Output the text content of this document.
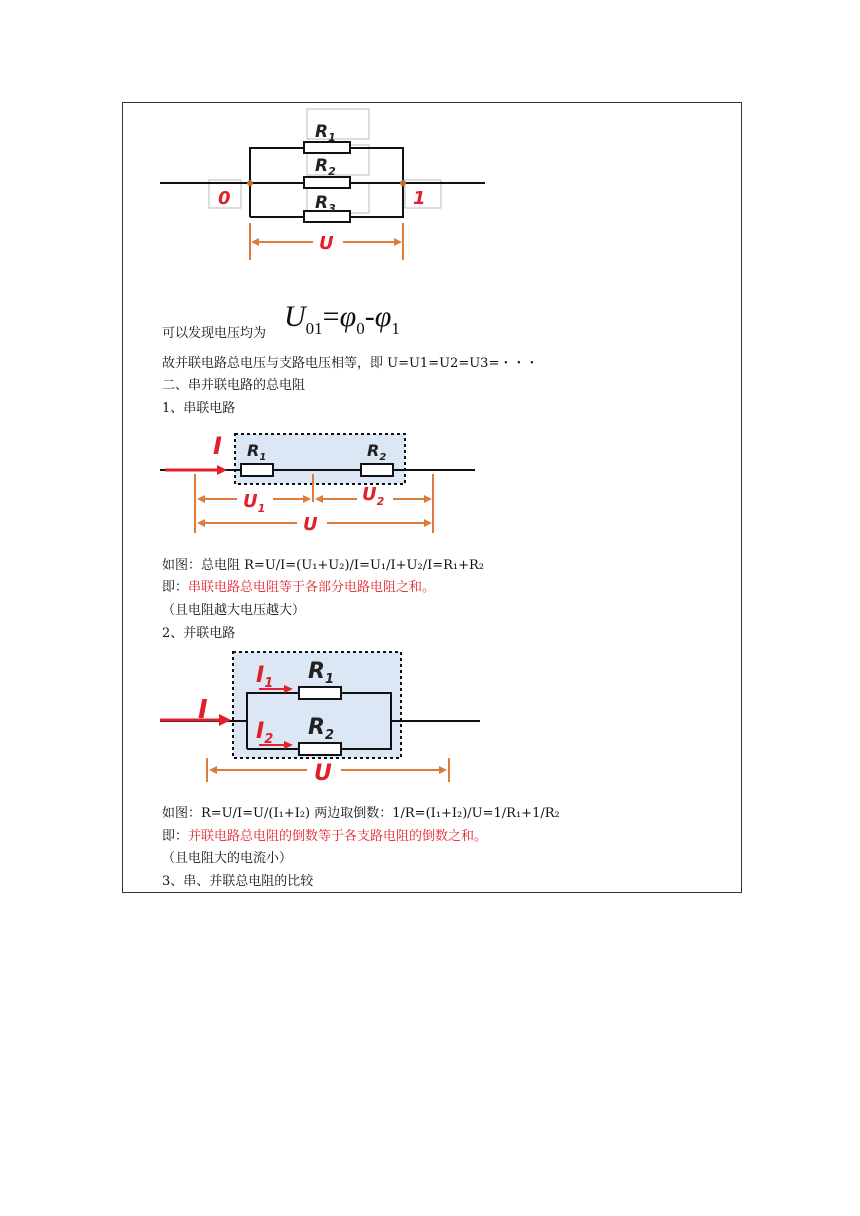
$R_1$
$R_2$
$R_3$
0	1
U
$U_{01}=\varphi_0-\varphi_1$
可以发现电压均为
故并联电路总电压与支路电压相等，即 U=U1=U2=U3=・・・
二、串并联电路的总电阻
1、串联电路
I $R_1$	$R_2$
$U_1$
$U_2$
U
如图：总电阻 R=U/I=(U₁+U₂)/I=U₁/I+U₂/I=R₁+R₂
即：串联电路总电阻等于各部分电路电阻之和。
（且电阻越大电压越大）
2、并联电路
I
$I_1$
$I_2$
$R_1$
$R_2$
U
如图：R=U/I=U/(I₁+I₂) 两边取倒数：1/R=(I₁+I₂)/U=1/R₁+1/R₂
即：并联电路总电阻的倒数等于各支路电阻的倒数之和。
（且电阻大的电流小）
3、串、并联总电阻的比较
